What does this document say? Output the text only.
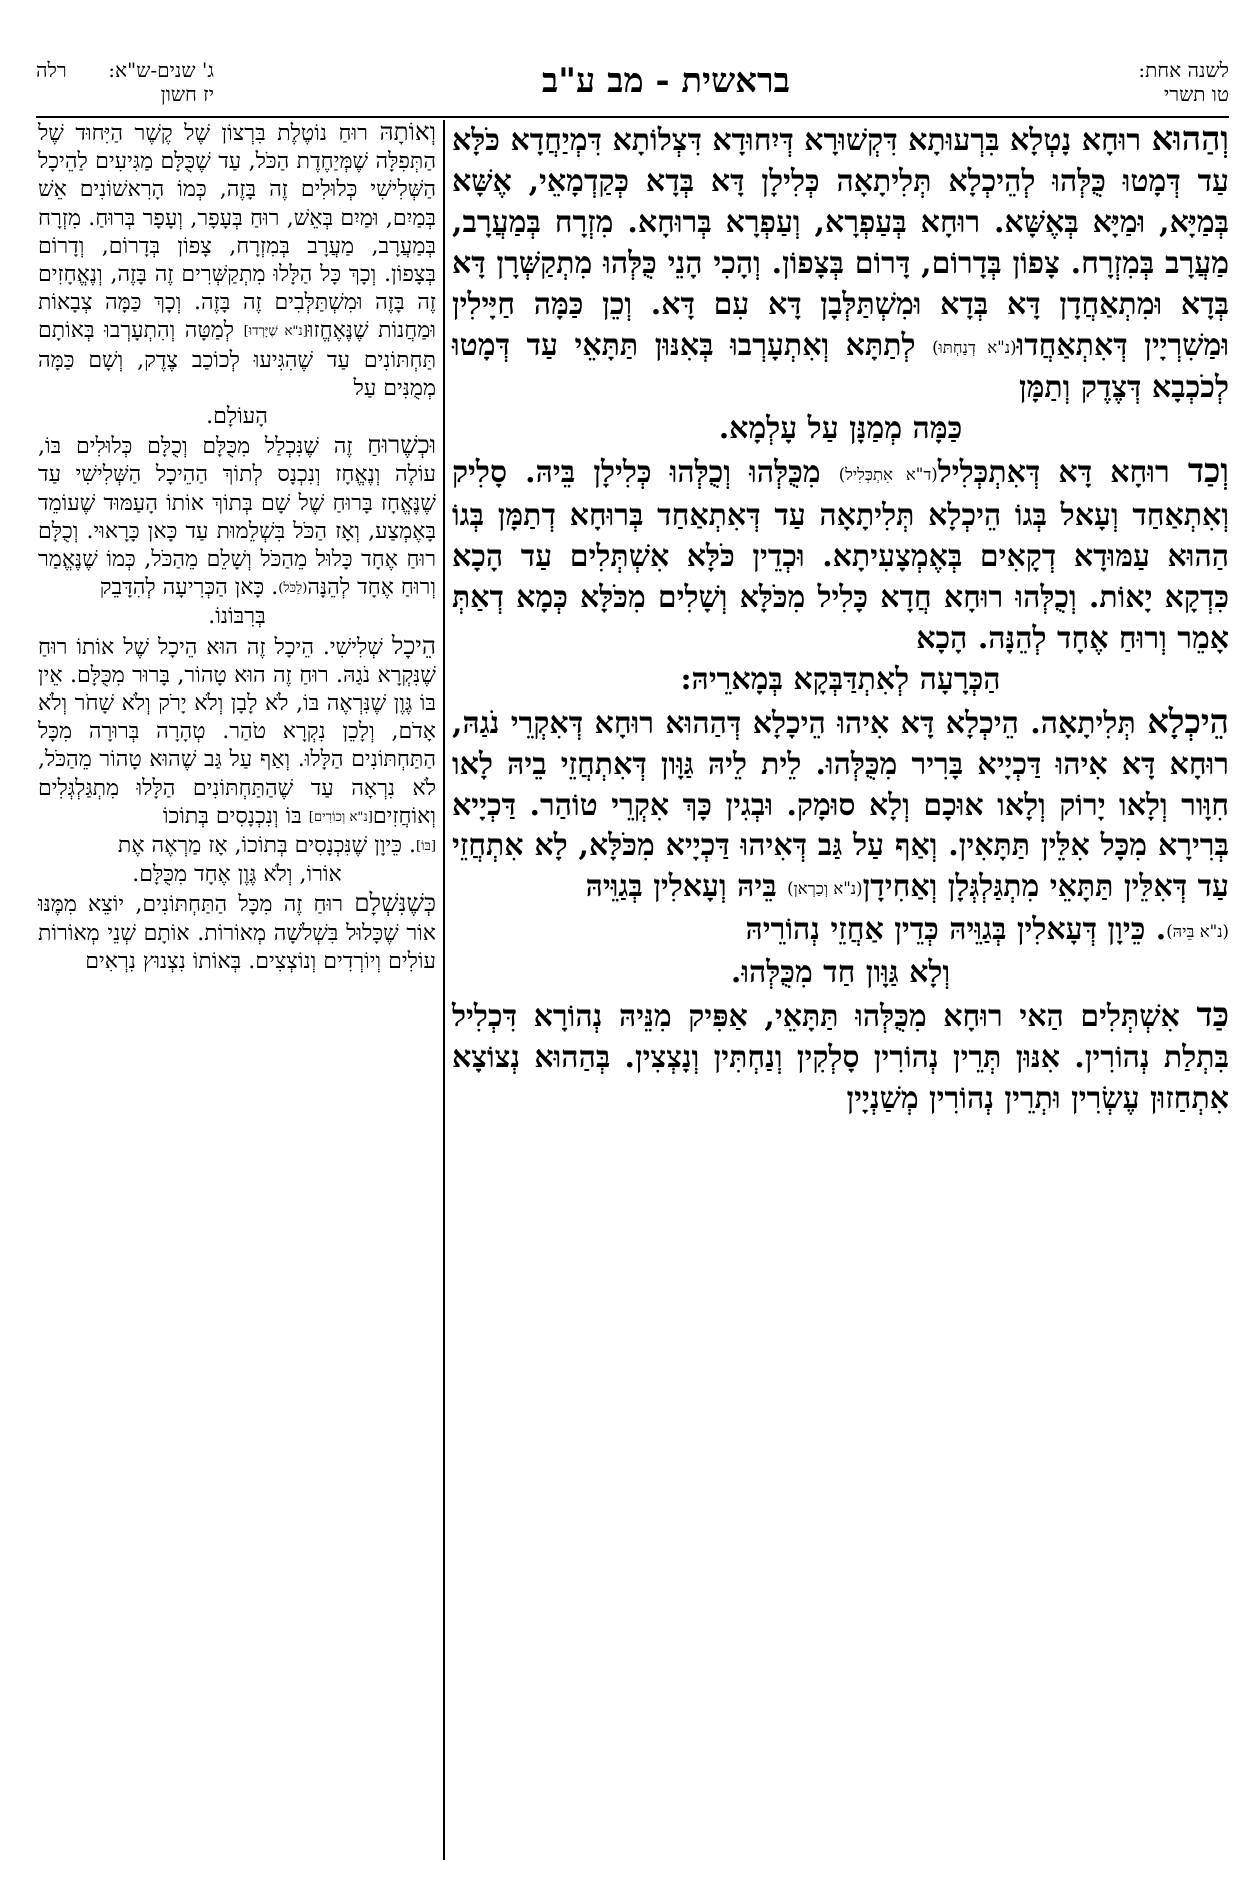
ג' שנים-ש"א:
רלה
יז חשון	בראשית - מב ע"ב	לשנה אחת:
טו תשרי

וְהַהוּא רוּחָא נָטְלָא בִּרְעוּתָא דִּקְשׁוּרָא דְּיִחוּדָא דִּצְלוֹתָא דִּמְיַחֲדָא כֹּלָּא עַד דְּמָטוּ כֻּלְּהוּ לְהֵיכְלָא תְּלִיתָאָה כְּלִילָן דָּא בְּדָא כְּקַדְמָאֵי, אֶשָּׁא בְּמַיָּא, וּמַיָּא בְּאֶשָּׁא. רוּחָא בְּעַפְרָא, וְעַפְרָא בְּרוּחָא. מִזְרָח בְּמַעֲרָב, מַעֲרָב בְּמִזְרָח. צָפוֹן בְּדָרוֹם, דָּרוֹם בְּצָפוֹן. וְהָכִי הָנֵי כֻּלְּהוּ מִתְקַשְּׁרָן דָּא בְּדָא וּמִתְאַחֲדָן דָּא בְּדָא וּמִשְׁתַּלְּבָן דָּא עִם דָּא. וְכֵן כַּמָּה חַיָּילִין וּמַשִׁרְיָין דְּאִתְאַחֲדוּ(נ"א דְנַחְתּוּ) לְתַתָּא וְאִתְעָרְבוּ בְּאִנּוּן תַּתָּאֵי עַד דְּמָטוּ לְכֹכְבָא דְּצֶדֶק וְתַמָּן

כַּמָּה מְמַנָּן עַל עָלְמָא.

וְכַד רוּחָא דָּא דְּאִתְכְּלִיל(ד"א אִתְכְּלִיל) מִכֻּלְּהוּ וְכֻלְּהוּ כְּלִילָן בֵּיהּ. סָלִיק וְאִתְאַחַד וְעָאל בְּגוֹ הֵיכְלָא תְּלִיתָאָה עַד דְּאִתְאַחַד בְּרוּחָא דְתַמָּן בְּגוֹ הַהוּא עַמּוּדָא דְקָאִים בְּאֶמְצָעִיתָא. וּכְדֵין כֹּלָּא אִשְׁתְּלִים עַד הָכָא כִּדְקָא יָאוֹת. וְכֻלְּהוּ רוּחָא חֲדָא כָּלִיל מִכֹּלָּא וְשָׁלִים מִכֹּלָּא כְּמָא דְאַתְּ אָמֵר וְרוּחַ אֶחָד לְהֵנָּה. הָכָא

הַכְּרָעָה לְאִתְדַּבְּקָא בְּמָארֵיהּ:

הֵיכְלָא תְּלִיתָאָה. הֵיכְלָא דָּא אִיהוּ הֵיכָלָא דְּהַהוּא רוּחָא דְּאִקְרֵי נֹגַהּ, רוּחָא דָּא אִיהוּ דַּכְיָיא בָּרִיר מִכֻּלְּהוּ. לֵית לֵיהּ גַּוָּון דְּאִתְחֲזֵי בֵיהּ לָאו חִוָּור וְלָאו יָרוֹק וְלָאו אוּכָם וְלָא סוּמָק. וּבְגִין כָּךְ אִקְרֵי טוֹהַר. דַּכְיָיא בְּרִירָא מִכָּל אִלֵּין תַּתָּאִין. וְאַף עַל גַּב דְּאִיהוּ דַּכְיָיא מִכֹּלָּא, לָא אִתְחֲזֵי עַד דְּאִלֵּין תַּתָּאֵי מִתְגַּלְגְּלָן וְאַחִידָן(נ"א וְכַרְאן) בֵּיהּ וְעָאלִין בְּגַוֵּיהּ

(נ"א בֵּיהּ). כֵּיוָן דְּעָאלִין בְּגַוֵּיהּ כְּדֵין אַחֲזֵי נְהוֹרֵיהּ

וְלָא גַּוָּון חַד מִכֻּלְּהוּ.

כַּד אִשְׁתְּלִים הַאי רוּחָא מִכֻּלְּהוּ תַּתָּאֵי, אַפִּיק מִנֵּיהּ נְהוֹרָא דִּכְלִיל בִּתְלַת נְהוֹרִין. אִנּוּן תְּרֵין נְהוֹרִין סָלְקִין וְנַחְתִּין וְנָצְצִין. בְּהַהוּא נְצוֹצָא אִתְחַזוּן עֶשְׂרִין וּתְרֵין נְהוֹרִין מְשַׁנְיָין

וְאוֹתָהּ רוּחַ נוֹטֶלֶת בִּרְצוֹן שֶׁל קֶשֶׁר הַיִּחוּד שֶׁל הַתְּפִלָּה שֶׁמְּיַחֶדֶת הַכֹּל, עַד שֶׁכֻּלָּם מַגִּיעִים לַהֵיכָל הַשְּׁלִישִׁי כְּלוּלִים זֶה בָּזֶה, כְּמוֹ הָרִאשׁוֹנִים אֵשׁ בְּמַיִם, וּמַיִם בְּאֵשׁ, רוּחַ בְּעָפָר, וְעָפָר בְּרוּחַ. מִזְרָח בְּמַעֲרָב, מַעֲרָב בְּמִזְרָח, צָפוֹן בְּדָרוֹם, וְדָרוֹם בְּצָפוֹן. וְכָךְ כָּל הַלָּלוּ מִתְקַשְּׁרִים זֶה בָּזֶה, וְנֶאֱחָזִים זֶה בָּזֶה וּמִשְׁתַּלְּבִים זֶה בָּזֶה. וְכָךְ כַּמָּה צְבָאוֹת וּמַחֲנוֹת שֶׁנֶּאֶחֱזוּ[נ"א שֶׁיָּרְדוּ] לְמַטָּה וְהִתְעָרְבוּ בְּאוֹתָם תַּחְתּוֹנִים עַד שֶׁהִגִּיעוּ לְכוֹכַב צֶדֶק, וְשָׁם כַּמָּה מְמֻנִּים עַל

הָעוֹלָם.

וּכְשֶׁרוּחַ זֶה שֶׁנִּכְלַל מִכֻּלָּם וְכֻלָּם כְּלוּלִים בּוֹ, עוֹלֶה וְנֶאֱחָז וְנִכְנָס לְתוֹךְ הַהֵיכָל הַשְּׁלִישִׁי עַד שֶׁנֶּאֱחָז בָּרוּחַ שֶׁל שָׁם בְּתוֹךְ אוֹתוֹ הָעַמּוּד שֶׁעוֹמֵד בָּאֶמְצַע, וְאָז הַכֹּל בִּשְׁלֵמוּת עַד כָּאן כָּרָאוּי. וְכֻלָּם רוּחַ אֶחָד כָּלוּל מֵהַכֹּל וְשָׁלֵם מֵהַכֹּל, כְּמוֹ שֶׁנֶּאֱמַר וְרוּחַ אֶחָד לְהֵנָּה(לַכֹּל). כָּאן הַכְּרִיעָה לְהִדָּבֵק

בְּרִבּוֹנוֹ.

הֵיכָל שְׁלִישִׁי. הֵיכָל זֶה הוּא הֵיכָל שֶׁל אוֹתוֹ רוּחַ שֶׁנִּקְרָא נֹגַהּ. רוּחַ זֶה הוּא טָהוֹר, בָּרוּר מִכֻּלָּם. אֵין בּוֹ גֶּוֶן שֶׁנִּרְאֶה בּוֹ, לֹא לָבָן וְלֹא יָרֹק וְלֹא שָׁחֹר וְלֹא אָדֹם, וְלָכֵן נִקְרָא טֹהַר. טְהָרָה בְּרוּרָה מִכָּל הַתַּחְתּוֹנִים הַלָּלוּ. וְאַף עַל גַּב שֶׁהוּא טָהוֹר מֵהַכֹּל, לֹא נִרְאָה עַד שֶׁהַתַּחְתּוֹנִים הַלָּלוּ מִתְגַּלְגְּלִים וְאוֹחֲזִים[נ"א וְכוֹרִים] בּוֹ וְנִכְנָסִים בְּתוֹכוֹ

[בּוֹ]. כֵּיוָן שֶׁנִּכְנָסִים בְּתוֹכוֹ, אָז מַרְאֶה אֶת

אוֹרוֹ, וְלֹא גֶּוֶן אֶחָד מִכֻּלָּם.

כְּשֶׁנִּשְׁלָם רוּחַ זֶה מִכָּל הַתַּחְתּוֹנִים, יוֹצֵא מִמֶּנּוּ אוֹר שֶׁכָּלוּל בִּשְׁלֹשָׁה מְאוֹרוֹת. אוֹתָם שְׁנֵי מְאוֹרוֹת עוֹלִים וְיוֹרְדִים וְנוֹצְצִים. בְּאוֹתוֹ נִצְנוּץ נִרְאִים
